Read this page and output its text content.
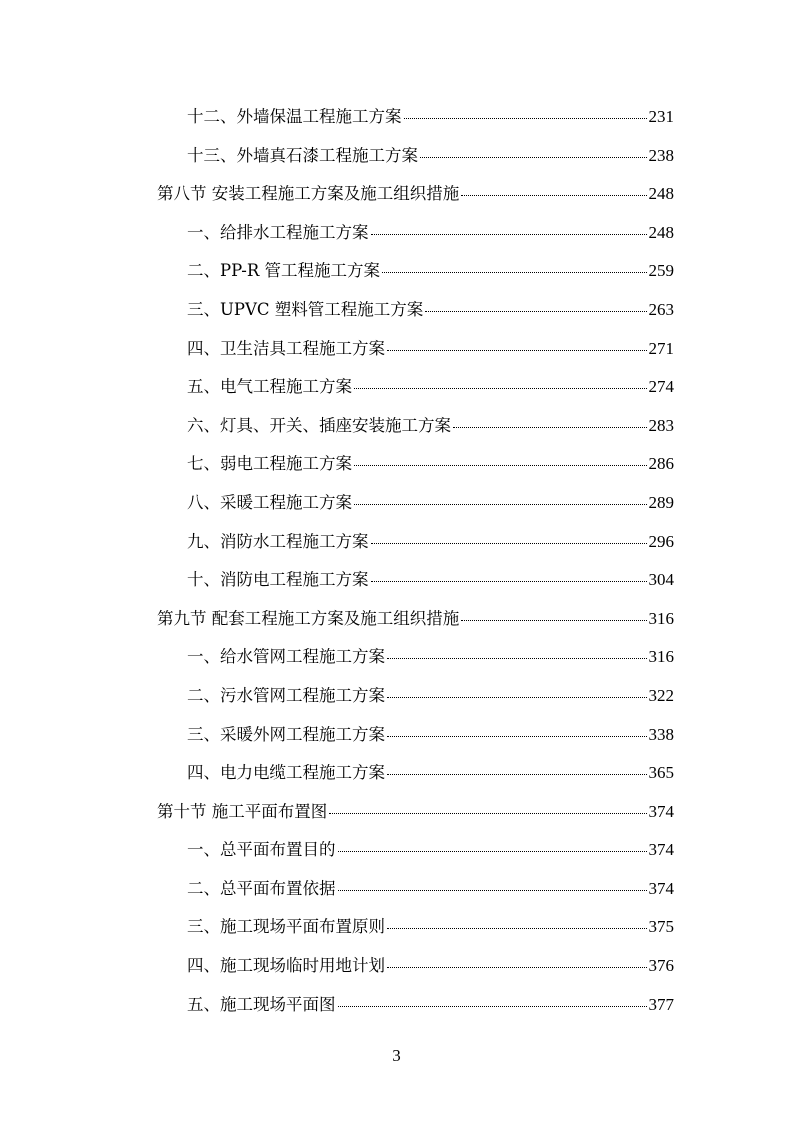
十二、外墙保温工程施工方案	231
十三、外墙真石漆工程施工方案	238
第八节 安装工程施工方案及施工组织措施	248
一、给排水工程施工方案	248
二、PP-R 管工程施工方案	259
三、UPVC 塑料管工程施工方案	263
四、卫生洁具工程施工方案	271
五、电气工程施工方案	274
六、灯具、开关、插座安装施工方案	283
七、弱电工程施工方案	286
八、采暖工程施工方案	289
九、消防水工程施工方案	296
十、消防电工程施工方案	304
第九节 配套工程施工方案及施工组织措施	316
一、给水管网工程施工方案	316
二、污水管网工程施工方案	322
三、采暖外网工程施工方案	338
四、电力电缆工程施工方案	365
第十节 施工平面布置图	374
一、总平面布置目的	374
二、总平面布置依据	374
三、施工现场平面布置原则	375
四、施工现场临时用地计划	376
五、施工现场平面图	377
3
